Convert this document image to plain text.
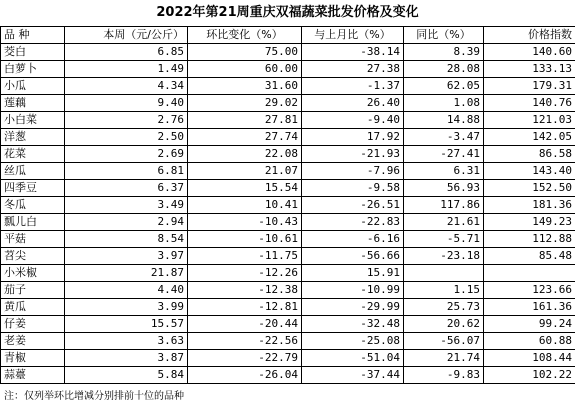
2022年第21周重庆双福蔬菜批发价格及变化
品 种	本周（元/公斤）	环比变化（%）	与上月比（%）	同比（%）	价格指数
茭白	6.85	75.00	-38.14	8.39	140.60
白萝卜	1.49	60.00	27.38	28.08	133.13
小瓜	4.34	31.60	-1.37	62.05	179.31
莲藕	9.40	29.02	26.40	1.08	140.76
小白菜	2.76	27.81	-9.40	14.88	121.03
洋葱	2.50	27.74	17.92	-3.47	142.05
花菜	2.69	22.08	-21.93	-27.41	86.58
丝瓜	6.81	21.07	-7.96	6.31	143.40
四季豆	6.37	15.54	-9.58	56.93	152.50
冬瓜	3.49	10.41	-26.51	117.86	181.36
瓢儿白	2.94	-10.43	-22.83	21.61	149.23
平菇	8.54	-10.61	-6.16	-5.71	112.88
苕尖	3.97	-11.75	-56.66	-23.18	85.48
小米椒	21.87	-12.26	15.91		
茄子	4.40	-12.38	-10.99	1.15	123.66
黄瓜	3.99	-12.81	-29.99	25.73	161.36
仔姜	15.57	-20.44	-32.48	20.62	99.24
老姜	3.63	-22.56	-25.08	-56.07	60.88
青椒	3.87	-22.79	-51.04	21.74	108.44
蒜薹	5.84	-26.04	-37.44	-9.83	102.22
注：仅列举环比增减分别排前十位的品种
